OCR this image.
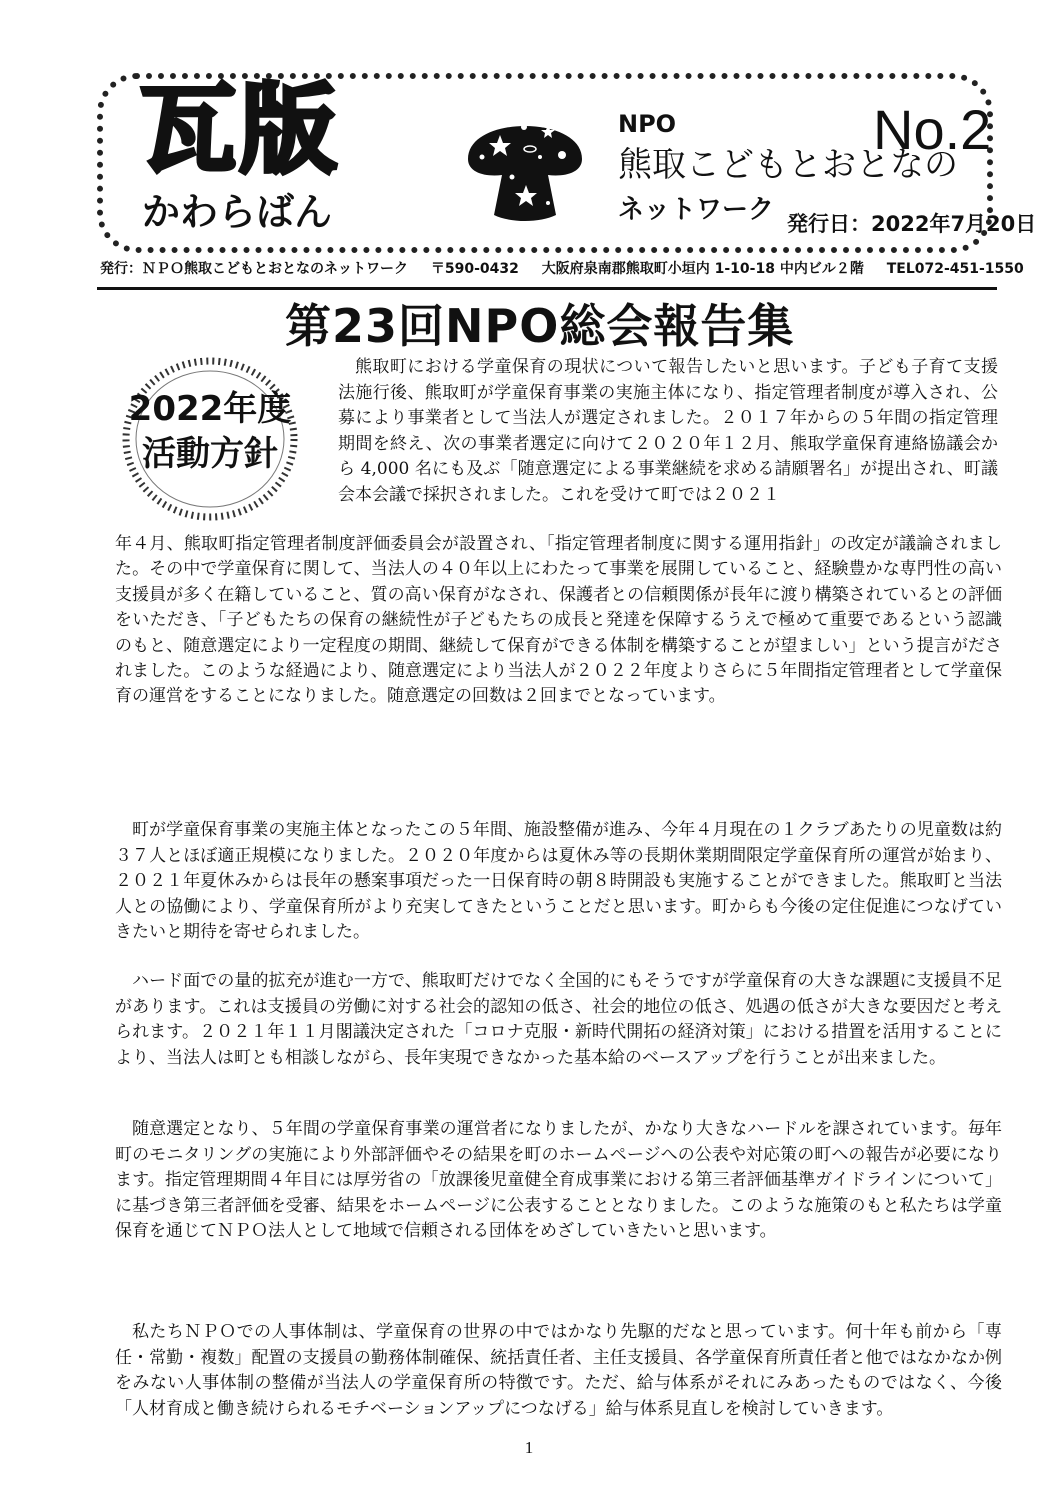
瓦版
かわらばん
NPO
熊取こどもとおとなの
ネットワーク
No.2
発行日：2022年7月20日
発行：ＮＰＯ熊取こどもとおとなのネットワーク 〒590-0432 大阪府泉南郡熊取町小垣内 1-10-18 中内ビル２階 TEL072-451-1550
第23回NPO総会報告集
2022年度
活動方針
熊取町における学童保育の現状について報告したいと思います。子ども子育て支援法施行後、熊取町が学童保育事業の実施主体になり、指定管理者制度が導入され、公募により事業者として当法人が選定されました。２０１７年からの５年間の指定管理期間を終え、次の事業者選定に向けて２０２０年１２月、熊取学童保育連絡協議会から 4,000 名にも及ぶ「随意選定による事業継続を求める請願署名」が提出され、町議会本会議で採択されました。これを受けて町では２０２１
年４月、熊取町指定管理者制度評価委員会が設置され、「指定管理者制度に関する運用指針」の改定が議論されました。その中で学童保育に関して、当法人の４０年以上にわたって事業を展開していること、経験豊かな専門性の高い支援員が多く在籍していること、質の高い保育がなされ、保護者との信頼関係が長年に渡り構築されているとの評価をいただき、「子どもたちの保育の継続性が子どもたちの成長と発達を保障するうえで極めて重要であるという認識のもと、随意選定により一定程度の期間、継続して保育ができる体制を構築することが望ましい」という提言がだされました。このような経過により、随意選定により当法人が２０２２年度よりさらに５年間指定管理者として学童保育の運営をすることになりました。随意選定の回数は２回までとなっています。
町が学童保育事業の実施主体となったこの５年間、施設整備が進み、今年４月現在の１クラブあたりの児童数は約３７人とほぼ適正規模になりました。２０２０年度からは夏休み等の長期休業期間限定学童保育所の運営が始まり、２０２１年夏休みからは長年の懸案事項だった一日保育時の朝８時開設も実施することができました。熊取町と当法人との協働により、学童保育所がより充実してきたということだと思います。町からも今後の定住促進につなげていきたいと期待を寄せられました。
ハード面での量的拡充が進む一方で、熊取町だけでなく全国的にもそうですが学童保育の大きな課題に支援員不足があります。これは支援員の労働に対する社会的認知の低さ、社会的地位の低さ、処遇の低さが大きな要因だと考えられます。２０２１年１１月閣議決定された「コロナ克服・新時代開拓の経済対策」における措置を活用することにより、当法人は町とも相談しながら、長年実現できなかった基本給のベースアップを行うことが出来ました。
随意選定となり、５年間の学童保育事業の運営者になりましたが、かなり大きなハードルを課されています。毎年町のモニタリングの実施により外部評価やその結果を町のホームページへの公表や対応策の町への報告が必要になります。指定管理期間４年目には厚労省の「放課後児童健全育成事業における第三者評価基準ガイドラインについて」に基づき第三者評価を受審、結果をホームページに公表することとなりました。このような施策のもと私たちは学童保育を通じてＮＰＯ法人として地域で信頼される団体をめざしていきたいと思います。
私たちＮＰＯでの人事体制は、学童保育の世界の中ではかなり先駆的だなと思っています。何十年も前から「専任・常勤・複数」配置の支援員の勤務体制確保、統括責任者、主任支援員、各学童保育所責任者と他ではなかなか例をみない人事体制の整備が当法人の学童保育所の特徴です。ただ、給与体系がそれにみあったものではなく、今後「人材育成と働き続けられるモチベーションアップにつなげる」給与体系見直しを検討していきます。
1
